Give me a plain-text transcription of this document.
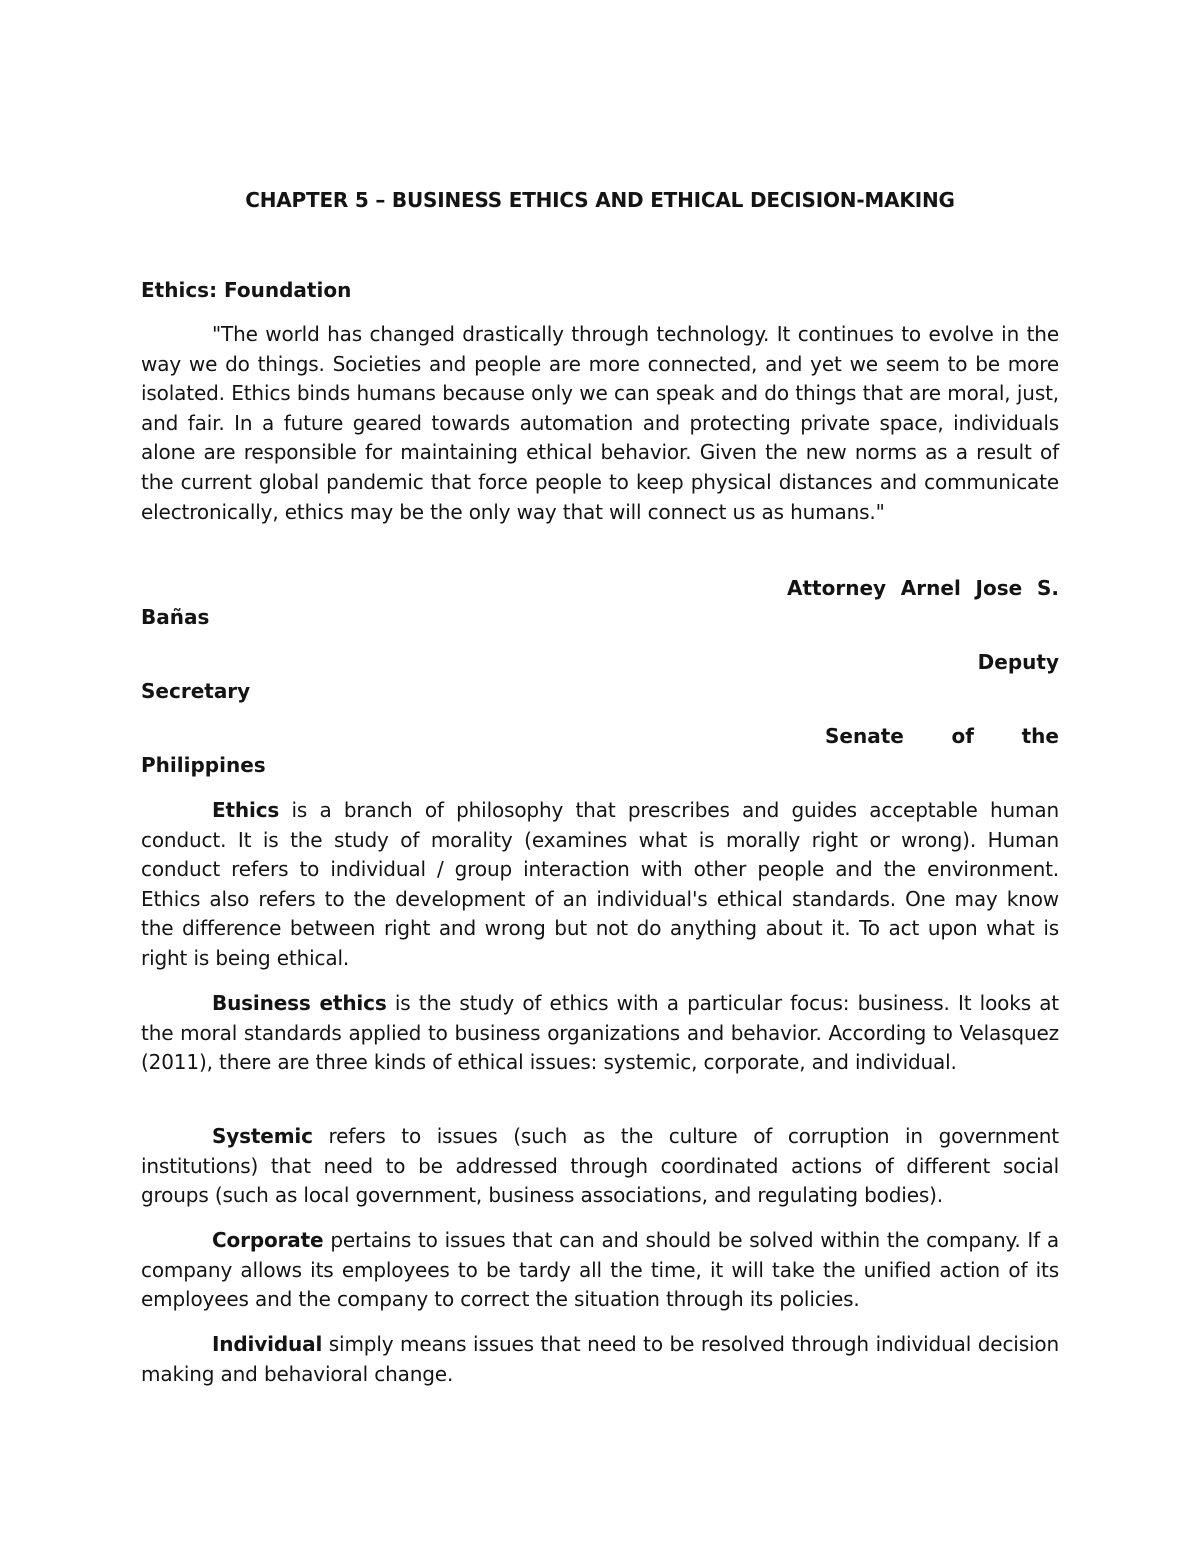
CHAPTER 5 – BUSINESS ETHICS AND ETHICAL DECISION-MAKING
Ethics: Foundation

"The world has changed drastically through technology. It continues to evolve in the way we do things. Societies and people are more connected, and yet we seem to be more isolated. Ethics binds humans because only we can speak and do things that are moral, just, and fair. In a future geared towards automation and protecting private space, individuals alone are responsible for maintaining ethical behavior. Given the new norms as a result of the current global pandemic that force people to keep physical distances and communicate electronically, ethics may be the only way that will connect us as humans."

Attorney Arnel Jose S.
Bañas
Deputy
Secretary
Senate of the
Philippines

Ethics is a branch of philosophy that prescribes and guides acceptable human conduct. It is the study of morality (examines what is morally right or wrong). Human conduct refers to individual / group interaction with other people and the environment. Ethics also refers to the development of an individual's ethical standards. One may know the difference between right and wrong but not do anything about it. To act upon what is right is being ethical.

Business ethics is the study of ethics with a particular focus: business. It looks at the moral standards applied to business organizations and behavior. According to Velasquez (2011), there are three kinds of ethical issues: systemic, corporate, and individual.

Systemic refers to issues (such as the culture of corruption in government institutions) that need to be addressed through coordinated actions of different social groups (such as local government, business associations, and regulating bodies).

Corporate pertains to issues that can and should be solved within the company. If a company allows its employees to be tardy all the time, it will take the unified action of its employees and the company to correct the situation through its policies.

Individual simply means issues that need to be resolved through individual decision making and behavioral change.
